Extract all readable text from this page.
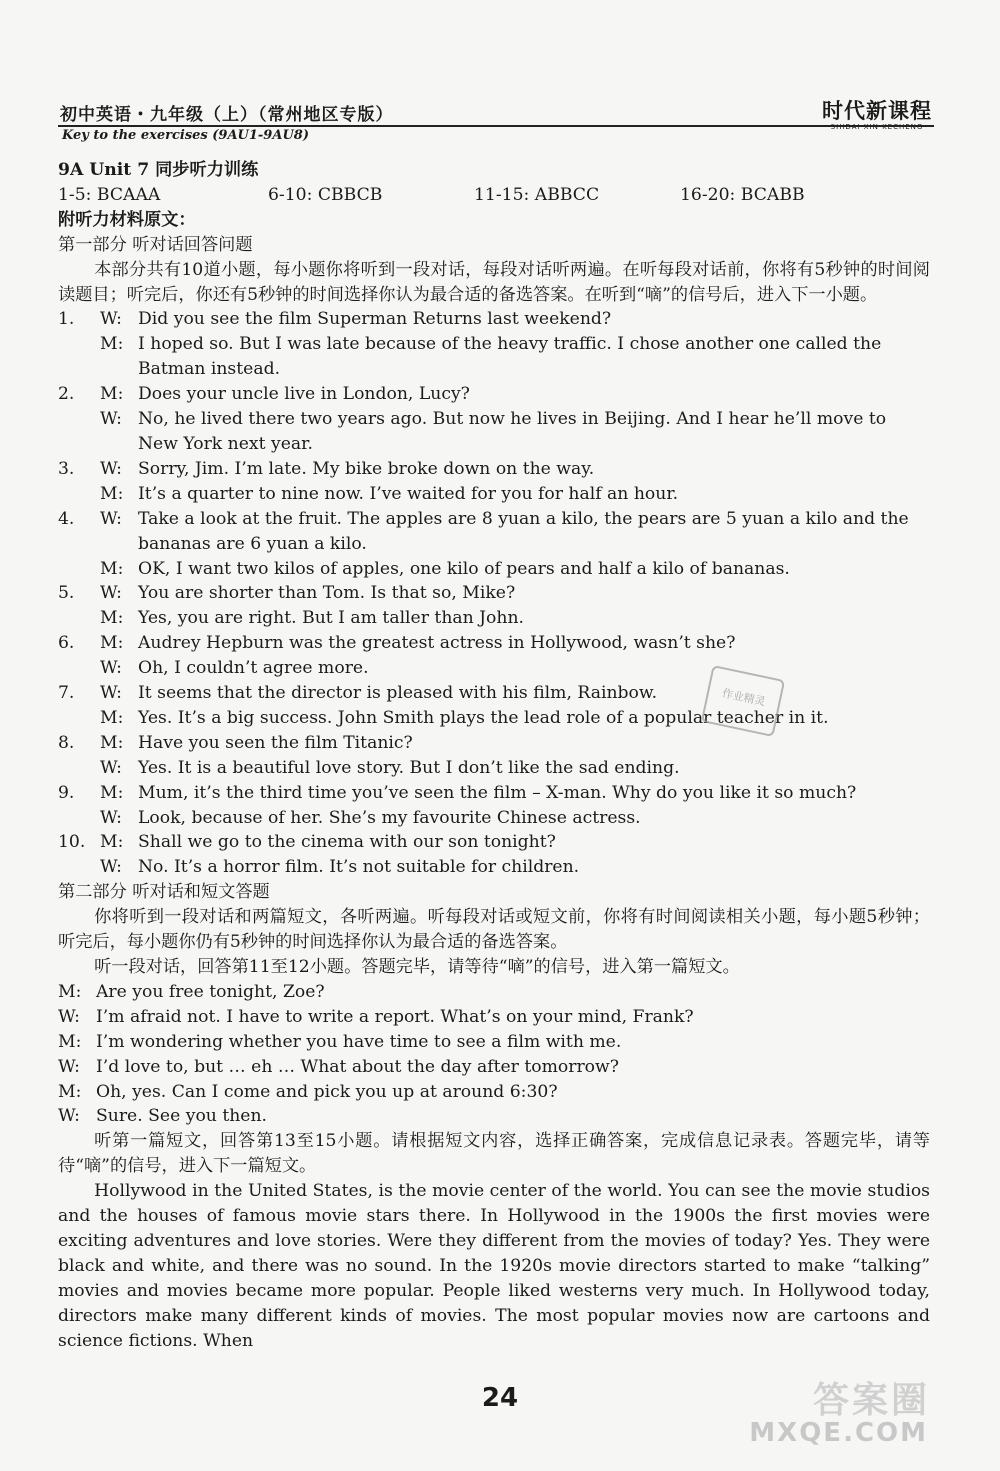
初中英语・九年级（上）（常州地区专版）	时代新课程
SHIDAI XIN KECHENG
Key to the exercises (9AU1-9AU8)
9A Unit 7 同步听力训练
1-5: BCAAA	6-10: CBBCB	11-15: ABBCC	16-20: BCABB
附听力材料原文：
第一部分 听对话回答问题
本部分共有10道小题，每小题你将听到一段对话，每段对话听两遍。在听每段对话前，你将有5秒钟的时间阅读题目；听完后，你还有5秒钟的时间选择你认为最合适的备选答案。在听到“嘀”的信号后，进入下一小题。
1.	W: Did you see the film Superman Returns last weekend?
M: I hoped so. But I was late because of the heavy traffic. I chose another one called the Batman instead.
2.	M: Does your uncle live in London, Lucy?
W: No, he lived there two years ago. But now he lives in Beijing. And I hear he’ll move to New York next year.
3.	W: Sorry, Jim. I’m late. My bike broke down on the way.
M: It’s a quarter to nine now. I’ve waited for you for half an hour.
4.	W: Take a look at the fruit. The apples are 8 yuan a kilo, the pears are 5 yuan a kilo and the bananas are 6 yuan a kilo.
M: OK, I want two kilos of apples, one kilo of pears and half a kilo of bananas.
5.	W: You are shorter than Tom. Is that so, Mike?
M: Yes, you are right. But I am taller than John.
6.	M: Audrey Hepburn was the greatest actress in Hollywood, wasn’t she?
W: Oh, I couldn’t agree more.
7.	W: It seems that the director is pleased with his film, Rainbow.
M: Yes. It’s a big success. John Smith plays the lead role of a popular teacher in it.
8.	M: Have you seen the film Titanic?
W: Yes. It is a beautiful love story. But I don’t like the sad ending.
9.	M: Mum, it’s the third time you’ve seen the film – X-man. Why do you like it so much?
W: Look, because of her. She’s my favourite Chinese actress.
10. M: Shall we go to the cinema with our son tonight?
W: No. It’s a horror film. It’s not suitable for children.
第二部分 听对话和短文答题
你将听到一段对话和两篇短文，各听两遍。听每段对话或短文前，你将有时间阅读相关小题，每小题5秒钟；听完后，每小题你仍有5秒钟的时间选择你认为最合适的备选答案。
听一段对话，回答第11至12小题。答题完毕，请等待“嘀”的信号，进入第一篇短文。
M: Are you free tonight, Zoe?
W: I’m afraid not. I have to write a report. What’s on your mind, Frank?
M: I’m wondering whether you have time to see a film with me.
W: I’d love to, but … eh … What about the day after tomorrow?
M: Oh, yes. Can I come and pick you up at around 6:30?
W: Sure. See you then.
听第一篇短文，回答第13至15小题。请根据短文内容，选择正确答案，完成信息记录表。答题完毕，请等待“嘀”的信号，进入下一篇短文。
Hollywood in the United States, is the movie center of the world. You can see the movie studios and the houses of famous movie stars there. In Hollywood in the 1900s the first movies were exciting adventures and love stories. Were they different from the movies of today? Yes. They were black and white, and there was no sound. In the 1920s movie directors started to make “talking” movies and movies became more popular. People liked westerns very much. In Hollywood today, directors make many different kinds of movies. The most popular movies now are cartoons and science fictions. When

作业精灵
24	答案圈
MXQE.COM
